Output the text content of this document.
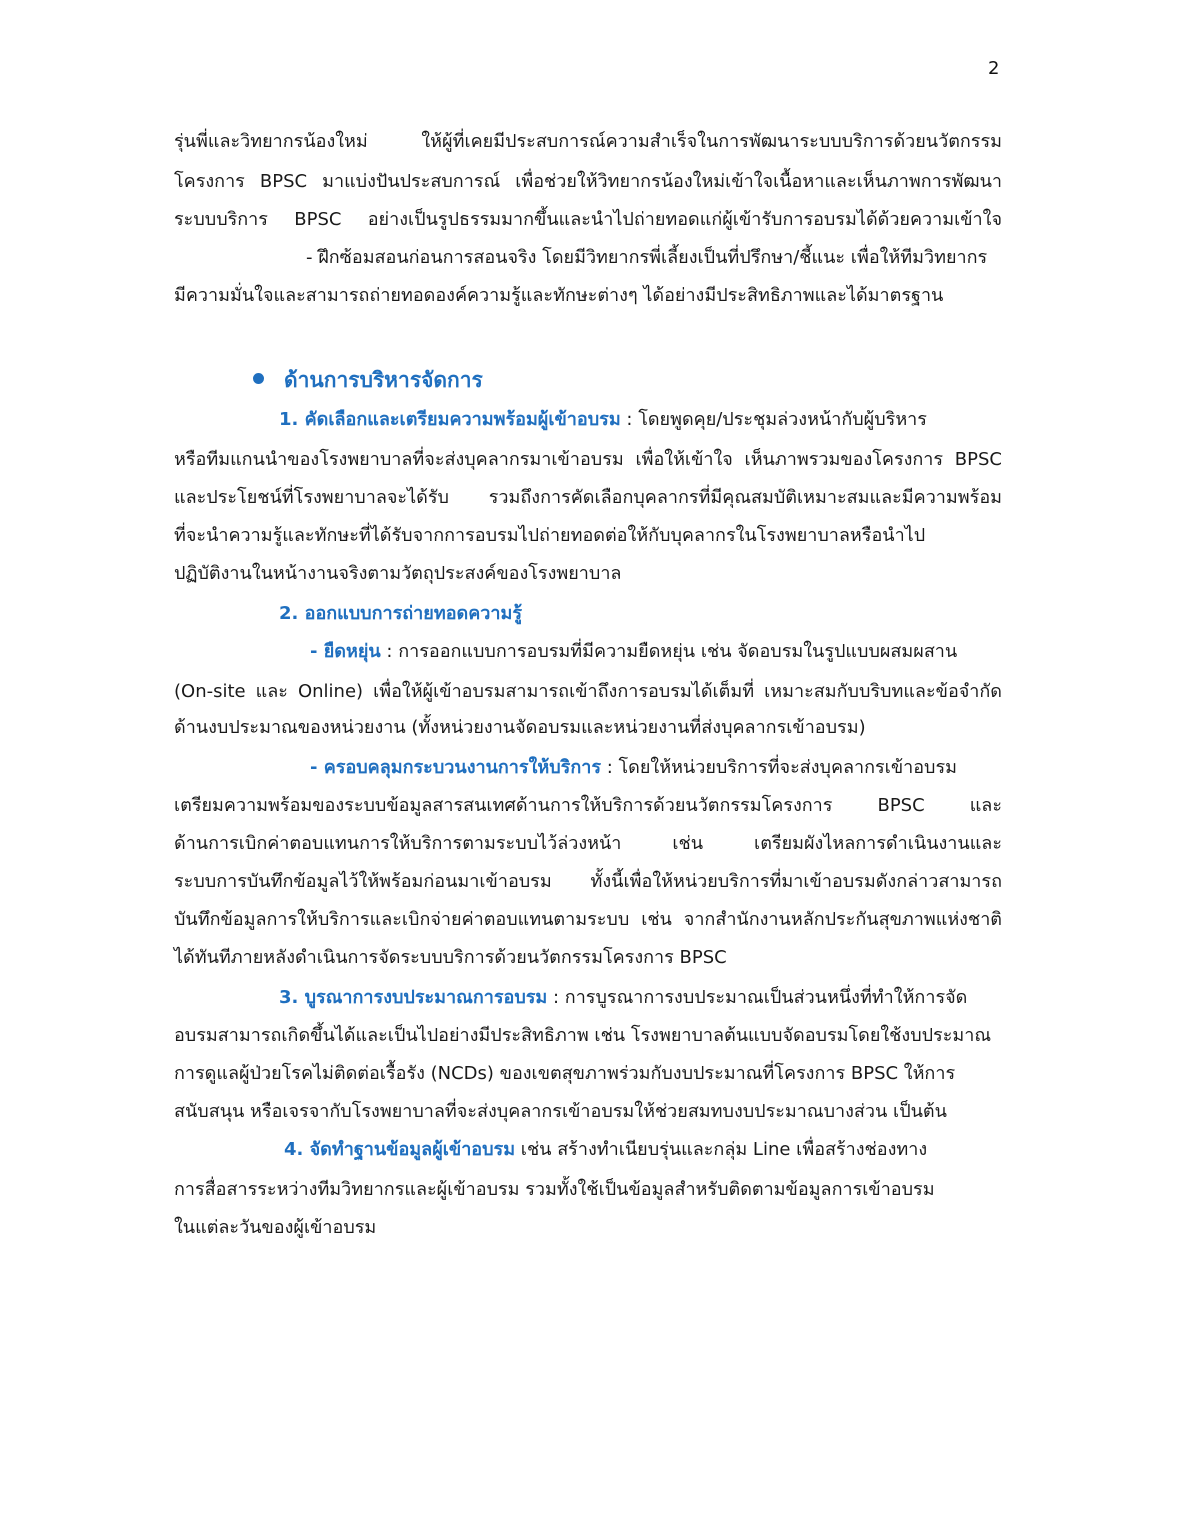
2
รุ่นพี่และวิทยากรน้องใหม่ ให้ผู้ที่เคยมีประสบการณ์ความสำเร็จในการพัฒนาระบบบริการด้วยนวัตกรรม
โครงการ BPSC มาแบ่งปันประสบการณ์ เพื่อช่วยให้วิทยากรน้องใหม่เข้าใจเนื้อหาและเห็นภาพการพัฒนา
ระบบบริการ BPSC อย่างเป็นรูปธรรมมากขึ้นและนำไปถ่ายทอดแก่ผู้เข้ารับการอบรมได้ด้วยความเข้าใจ
- ฝึกซ้อมสอนก่อนการสอนจริง โดยมีวิทยากรพี่เลี้ยงเป็นที่ปรึกษา/ชี้แนะ เพื่อให้ทีมวิทยากร
มีความมั่นใจและสามารถถ่ายทอดองค์ความรู้และทักษะต่างๆ ได้อย่างมีประสิทธิภาพและได้มาตรฐาน
ด้านการบริหารจัดการ
1. คัดเลือกและเตรียมความพร้อมผู้เข้าอบรม : โดยพูดคุย/ประชุมล่วงหน้ากับผู้บริหาร
หรือทีมแกนนำของโรงพยาบาลที่จะส่งบุคลากรมาเข้าอบรม เพื่อให้เข้าใจ เห็นภาพรวมของโครงการ BPSC
และประโยชน์ที่โรงพยาบาลจะได้รับ รวมถึงการคัดเลือกบุคลากรที่มีคุณสมบัติเหมาะสมและมีความพร้อม
ที่จะนำความรู้และทักษะที่ได้รับจากการอบรมไปถ่ายทอดต่อให้กับบุคลากรในโรงพยาบาลหรือนำไป
ปฏิบัติงานในหน้างานจริงตามวัตถุประสงค์ของโรงพยาบาล
2. ออกแบบการถ่ายทอดความรู้
- ยืดหยุ่น : การออกแบบการอบรมที่มีความยืดหยุ่น เช่น จัดอบรมในรูปแบบผสมผสาน
(On-site และ Online) เพื่อให้ผู้เข้าอบรมสามารถเข้าถึงการอบรมได้เต็มที่ เหมาะสมกับบริบทและข้อจำกัด
ด้านงบประมาณของหน่วยงาน (ทั้งหน่วยงานจัดอบรมและหน่วยงานที่ส่งบุคลากรเข้าอบรม)
- ครอบคลุมกระบวนงานการให้บริการ : โดยให้หน่วยบริการที่จะส่งบุคลากรเข้าอบรม
เตรียมความพร้อมของระบบข้อมูลสารสนเทศด้านการให้บริการด้วยนวัตกรรมโครงการ BPSC และ
ด้านการเบิกค่าตอบแทนการให้บริการตามระบบไว้ล่วงหน้า เช่น เตรียมผังไหลการดำเนินงานและ
ระบบการบันทึกข้อมูลไว้ให้พร้อมก่อนมาเข้าอบรม ทั้งนี้เพื่อให้หน่วยบริการที่มาเข้าอบรมดังกล่าวสามารถ
บันทึกข้อมูลการให้บริการและเบิกจ่ายค่าตอบแทนตามระบบ เช่น จากสำนักงานหลักประกันสุขภาพแห่งชาติ
ได้ทันทีภายหลังดำเนินการจัดระบบบริการด้วยนวัตกรรมโครงการ BPSC
3. บูรณาการงบประมาณการอบรม : การบูรณาการงบประมาณเป็นส่วนหนึ่งที่ทำให้การจัด
อบรมสามารถเกิดขึ้นได้และเป็นไปอย่างมีประสิทธิภาพ เช่น โรงพยาบาลต้นแบบจัดอบรมโดยใช้งบประมาณ
การดูแลผู้ป่วยโรคไม่ติดต่อเรื้อรัง (NCDs) ของเขตสุขภาพร่วมกับงบประมาณที่โครงการ BPSC ให้การ
สนับสนุน หรือเจรจากับโรงพยาบาลที่จะส่งบุคลากรเข้าอบรมให้ช่วยสมทบงบประมาณบางส่วน เป็นต้น
4. จัดทำฐานข้อมูลผู้เข้าอบรม เช่น สร้างทำเนียบรุ่นและกลุ่ม Line เพื่อสร้างช่องทาง
การสื่อสารระหว่างทีมวิทยากรและผู้เข้าอบรม รวมทั้งใช้เป็นข้อมูลสำหรับติดตามข้อมูลการเข้าอบรม
ในแต่ละวันของผู้เข้าอบรม
